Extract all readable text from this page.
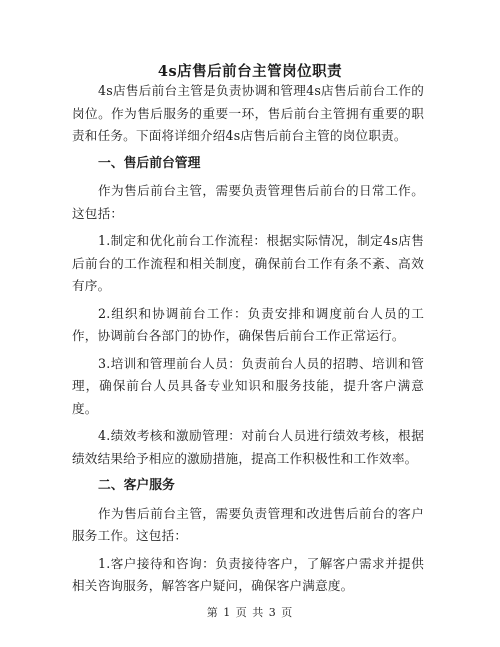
4s店售后前台主管岗位职责
4s店售后前台主管是负责协调和管理4s店售后前台工作的岗位。作为售后服务的重要一环，售后前台主管拥有重要的职责和任务。下面将详细介绍4s店售后前台主管的岗位职责。
一、售后前台管理
作为售后前台主管，需要负责管理售后前台的日常工作。这包括：
1.制定和优化前台工作流程：根据实际情况，制定4s店售后前台的工作流程和相关制度，确保前台工作有条不紊、高效有序。
2.组织和协调前台工作：负责安排和调度前台人员的工作，协调前台各部门的协作，确保售后前台工作正常运行。
3.培训和管理前台人员：负责前台人员的招聘、培训和管理，确保前台人员具备专业知识和服务技能，提升客户满意度。
4.绩效考核和激励管理：对前台人员进行绩效考核，根据绩效结果给予相应的激励措施，提高工作积极性和工作效率。
二、客户服务
作为售后前台主管，需要负责管理和改进售后前台的客户服务工作。这包括：
1.客户接待和咨询：负责接待客户，了解客户需求并提供相关咨询服务，解答客户疑问，确保客户满意度。
第 1 页 共 3 页
